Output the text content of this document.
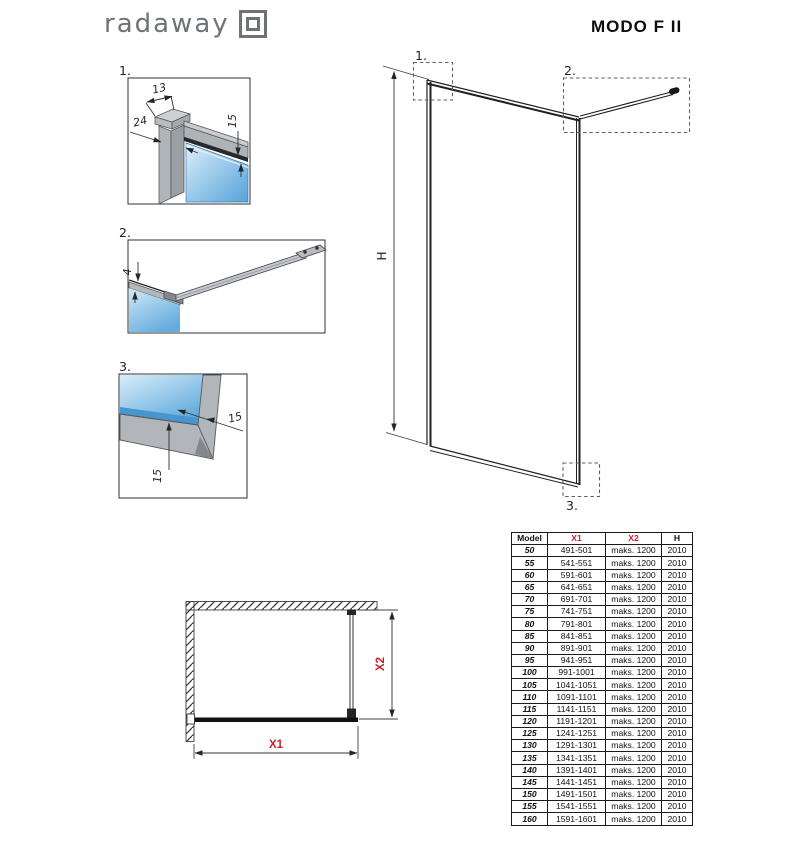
radaway	MODO F II
1.
13
24	15
2.
4
3.
15
15
H
1.
2.
3.
X2
X1
Model	X1	X2	H
50	491-501	maks. 1200	2010
55	541-551	maks. 1200	2010
60	591-601	maks. 1200	2010
65	641-651	maks. 1200	2010
70	691-701	maks. 1200	2010
75	741-751	maks. 1200	2010
80	791-801	maks. 1200	2010
85	841-851	maks. 1200	2010
90	891-901	maks. 1200	2010
95	941-951	maks. 1200	2010
100	991-1001	maks. 1200	2010
105	1041-1051	maks. 1200	2010
110	1091-1101	maks. 1200	2010
115	1141-1151	maks. 1200	2010
120	1191-1201	maks. 1200	2010
125	1241-1251	maks. 1200	2010
130	1291-1301	maks. 1200	2010
135	1341-1351	maks. 1200	2010
140	1391-1401	maks. 1200	2010
145	1441-1451	maks. 1200	2010
150	1491-1501	maks. 1200	2010
155	1541-1551	maks. 1200	2010
160	1591-1601	maks. 1200	2010
